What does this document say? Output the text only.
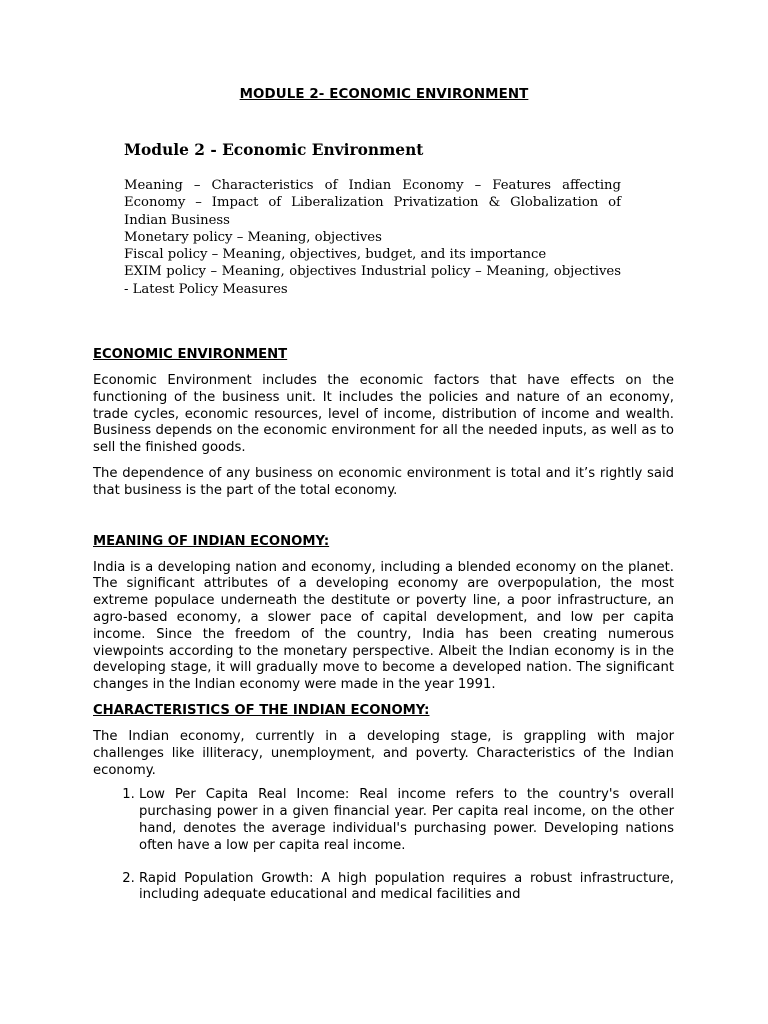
MODULE 2- ECONOMIC ENVIRONMENT
Module 2 - Economic Environment
Meaning – Characteristics of Indian Economy – Features affecting Economy – Impact of Liberalization Privatization & Globalization of Indian Business
Monetary policy – Meaning, objectives
Fiscal policy – Meaning, objectives, budget, and its importance
EXIM policy – Meaning, objectives Industrial policy – Meaning, objectives - Latest Policy Measures

ECONOMIC ENVIRONMENT

Economic Environment includes the economic factors that have effects on the functioning of the business unit. It includes the policies and nature of an economy, trade cycles, economic resources, level of income, distribution of income and wealth. Business depends on the economic environment for all the needed inputs, as well as to sell the finished goods.

The dependence of any business on economic environment is total and it’s rightly said that business is the part of the total economy.

MEANING OF INDIAN ECONOMY:

India is a developing nation and economy, including a blended economy on the planet. The significant attributes of a developing economy are overpopulation, the most extreme populace underneath the destitute or poverty line, a poor infrastructure, an agro-based economy, a slower pace of capital development, and low per capita income. Since the freedom of the country, India has been creating numerous viewpoints according to the monetary perspective. Albeit the Indian economy is in the developing stage, it will gradually move to become a developed nation. The significant changes in the Indian economy were made in the year 1991.

CHARACTERISTICS OF THE INDIAN ECONOMY:

The Indian economy, currently in a developing stage, is grappling with major challenges like illiteracy, unemployment, and poverty. Characteristics of the Indian economy.

1. Low Per Capita Real Income: Real income refers to the country's overall purchasing power in a given financial year. Per capita real income, on the other hand, denotes the average individual's purchasing power. Developing nations often have a low per capita real income.
2. Rapid Population Growth: A high population requires a robust infrastructure, including adequate educational and medical facilities and
